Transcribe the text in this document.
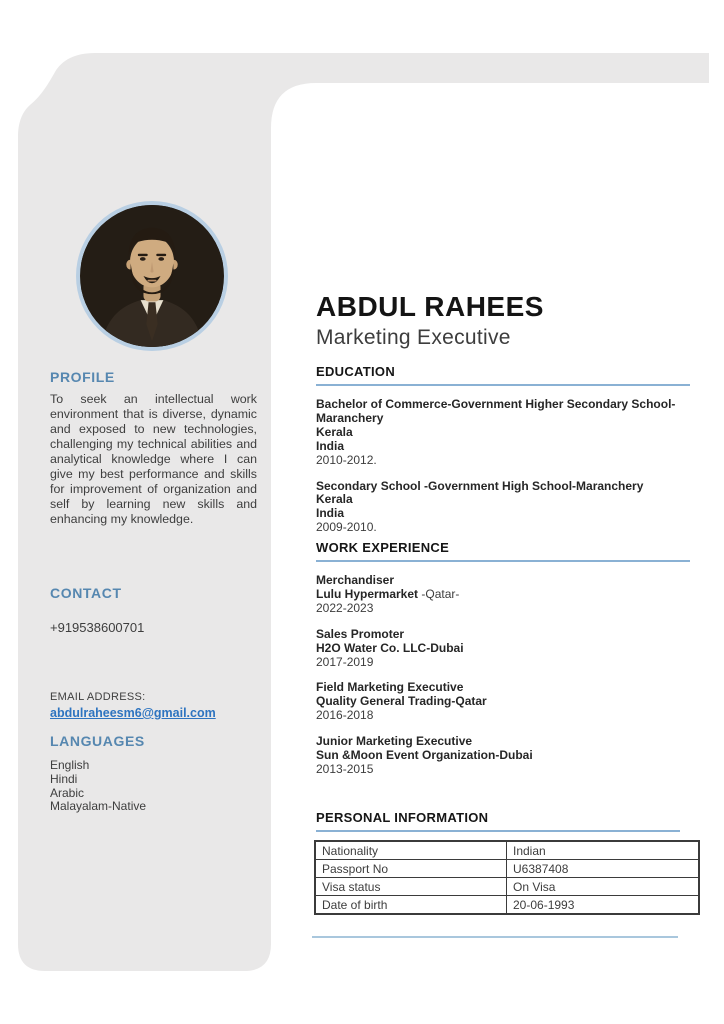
PROFILE
To seek an intellectual work environment that is diverse, dynamic and exposed to new technologies, challenging my technical abilities and analytical knowledge where I can give my best performance and skills for improvement of organization and self by learning new skills and enhancing my knowledge.
CONTACT
+919538600701
EMAIL ADDRESS:
abdulraheesm6@gmail.com
LANGUAGES
English
Hindi
Arabic
Malayalam-Native
ABDUL RAHEES
Marketing Executive
EDUCATION
Bachelor of Commerce-Government Higher Secondary School-Maranchery
Kerala
India
2010-2012.
Secondary School -Government High School-Maranchery
Kerala
India
2009-2010.
WORK EXPERIENCE
Merchandiser
Lulu Hypermarket -Qatar-
2022-2023
Sales Promoter
H2O Water Co. LLC-Dubai
2017-2019
Field Marketing Executive
Quality General Trading-Qatar
2016-2018
Junior Marketing Executive
Sun &Moon Event Organization-Dubai
2013-2015
PERSONAL INFORMATION
Nationality	Indian
Passport No	U6387408
Visa status	On Visa
Date of birth	20-06-1993
